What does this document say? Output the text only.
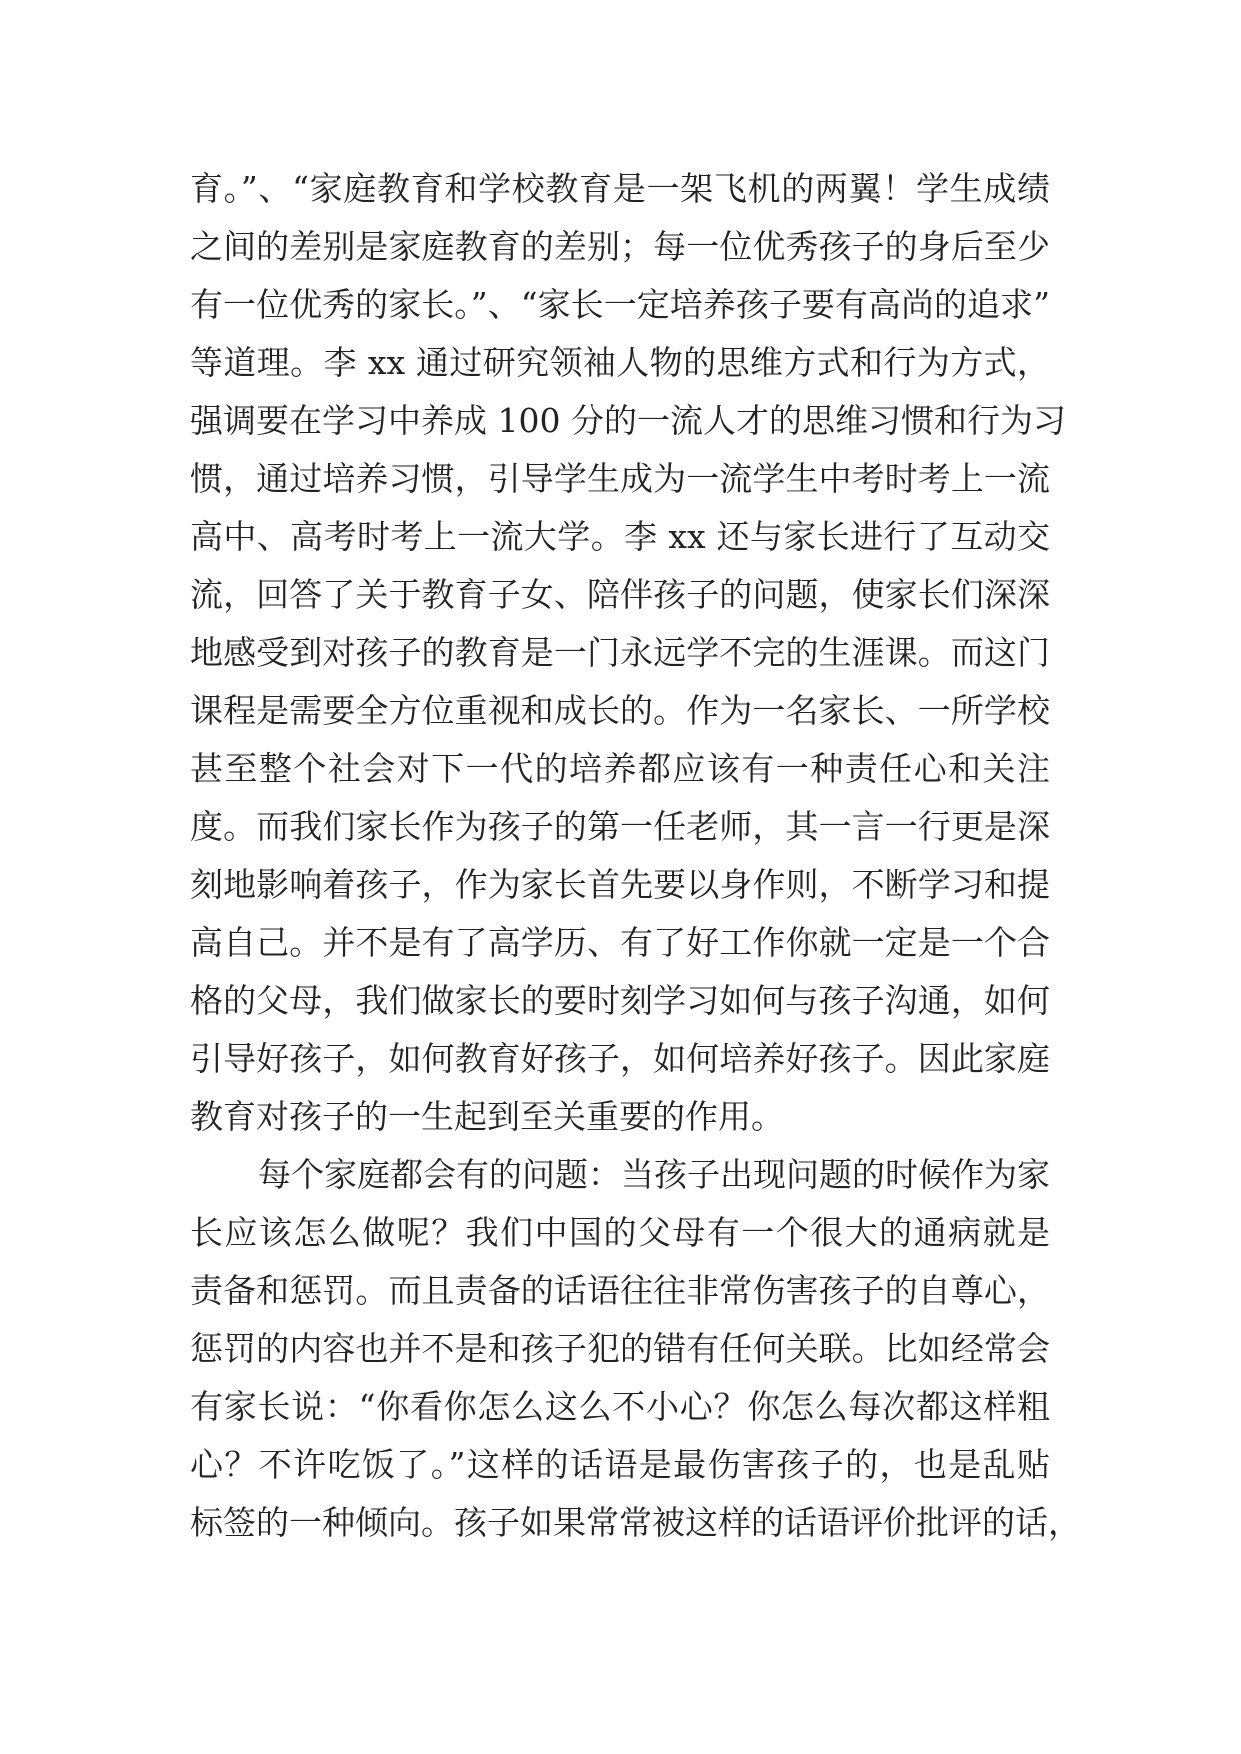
育。”、“家庭教育和学校教育是一架飞机的两翼！学生成绩
之间的差别是家庭教育的差别；每一位优秀孩子的身后至少
有一位优秀的家长。”、“家长一定培养孩子要有高尚的追求”
等道理。李 xx 通过研究领袖人物的思维方式和行为方式，
强调要在学习中养成 100 分的一流人才的思维习惯和行为习
惯，通过培养习惯，引导学生成为一流学生中考时考上一流
高中、高考时考上一流大学。李 xx 还与家长进行了互动交
流，回答了关于教育子女、陪伴孩子的问题，使家长们深深
地感受到对孩子的教育是一门永远学不完的生涯课。而这门
课程是需要全方位重视和成长的。作为一名家长、一所学校
甚至整个社会对下一代的培养都应该有一种责任心和关注
度。而我们家长作为孩子的第一任老师，其一言一行更是深
刻地影响着孩子，作为家长首先要以身作则，不断学习和提
高自己。并不是有了高学历、有了好工作你就一定是一个合
格的父母，我们做家长的要时刻学习如何与孩子沟通，如何
引导好孩子，如何教育好孩子，如何培养好孩子。因此家庭
教育对孩子的一生起到至关重要的作用。
每个家庭都会有的问题：当孩子出现问题的时候作为家
长应该怎么做呢？我们中国的父母有一个很大的通病就是
责备和惩罚。而且责备的话语往往非常伤害孩子的自尊心，
惩罚的内容也并不是和孩子犯的错有任何关联。比如经常会
有家长说：“你看你怎么这么不小心？你怎么每次都这样粗
心？不许吃饭了。”这样的话语是最伤害孩子的，也是乱贴
标签的一种倾向。孩子如果常常被这样的话语评价批评的话，
